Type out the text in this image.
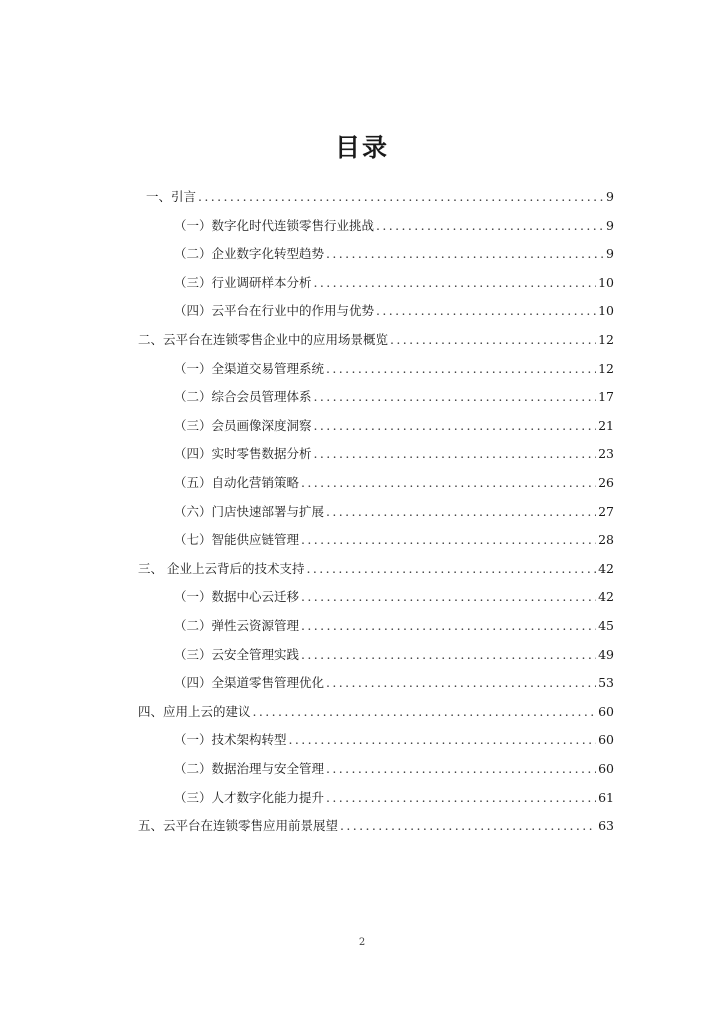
目录
一、引言 .....	9
（一）数字化时代连锁零售行业挑战 .....	9
（二）企业数字化转型趋势 .....	9
（三）行业调研样本分析 .....	10
（四）云平台在行业中的作用与优势 .....	10
二、云平台在连锁零售企业中的应用场景概览 .....	12
（一）全渠道交易管理系统 .....	12
（二）综合会员管理体系 .....	17
（三）会员画像深度洞察 .....	21
（四）实时零售数据分析 .....	23
（五）自动化营销策略 .....	26
（六）门店快速部署与扩展 .....	27
（七）智能供应链管理 .....	28
三、 企业上云背后的技术支持 .....	42
（一）数据中心云迁移 .....	42
（二）弹性云资源管理 .....	45
（三）云安全管理实践 .....	49
（四）全渠道零售管理优化 .....	53
四、应用上云的建议 .....	60
（一）技术架构转型 .....	60
（二）数据治理与安全管理 .....	60
（三）人才数字化能力提升 .....	61
五、云平台在连锁零售应用前景展望 .....	63
2
